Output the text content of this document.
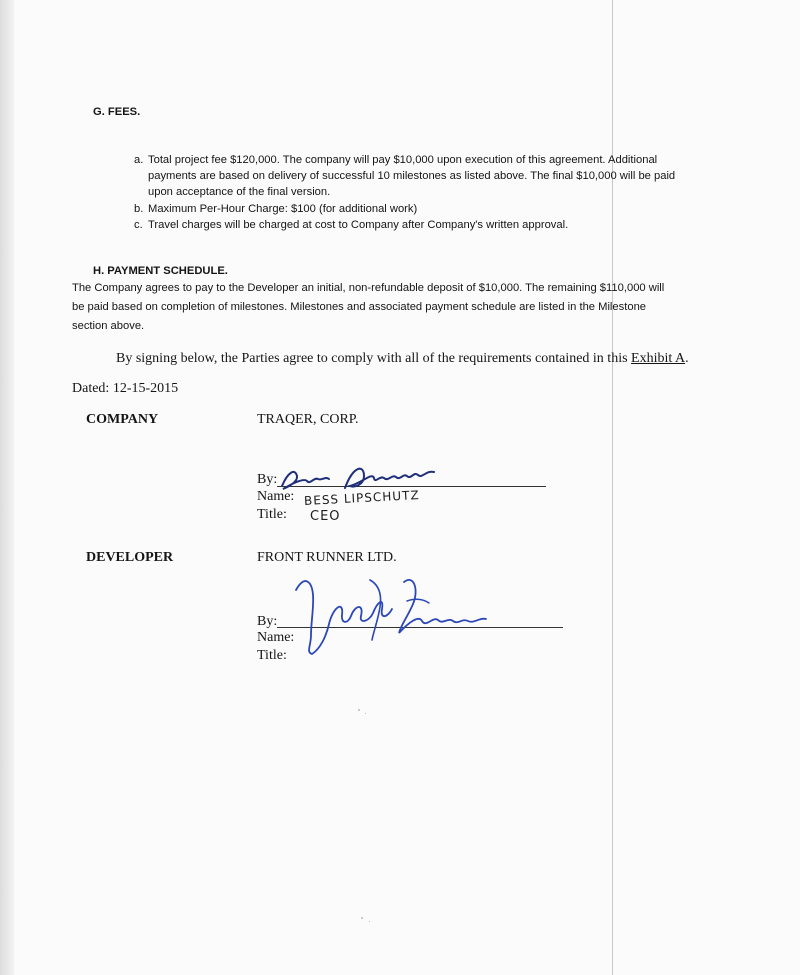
G. FEES.
a. Total project fee $120,000. The company will pay $10,000 upon execution of this agreement. Additional
payments are based on delivery of successful 10 milestones as listed above. The final $10,000 will be paid
upon acceptance of the final version.
b. Maximum Per-Hour Charge: $100 (for additional work)
c. Travel charges will be charged at cost to Company after Company's written approval.
H. PAYMENT SCHEDULE.
The Company agrees to pay to the Developer an initial, non-refundable deposit of $10,000. The remaining $110,000 will
be paid based on completion of milestones. Milestones and associated payment schedule are listed in the Milestone
section above.
By signing below, the Parties agree to comply with all of the requirements contained in this Exhibit A.
Dated: 12-15-2015
COMPANY	TRAQER, CORP.
By:
Name:
Title:
BESS LIPSCHUTZ
CEO
DEVELOPER	FRONT RUNNER LTD.
By:
Name:
Title:
